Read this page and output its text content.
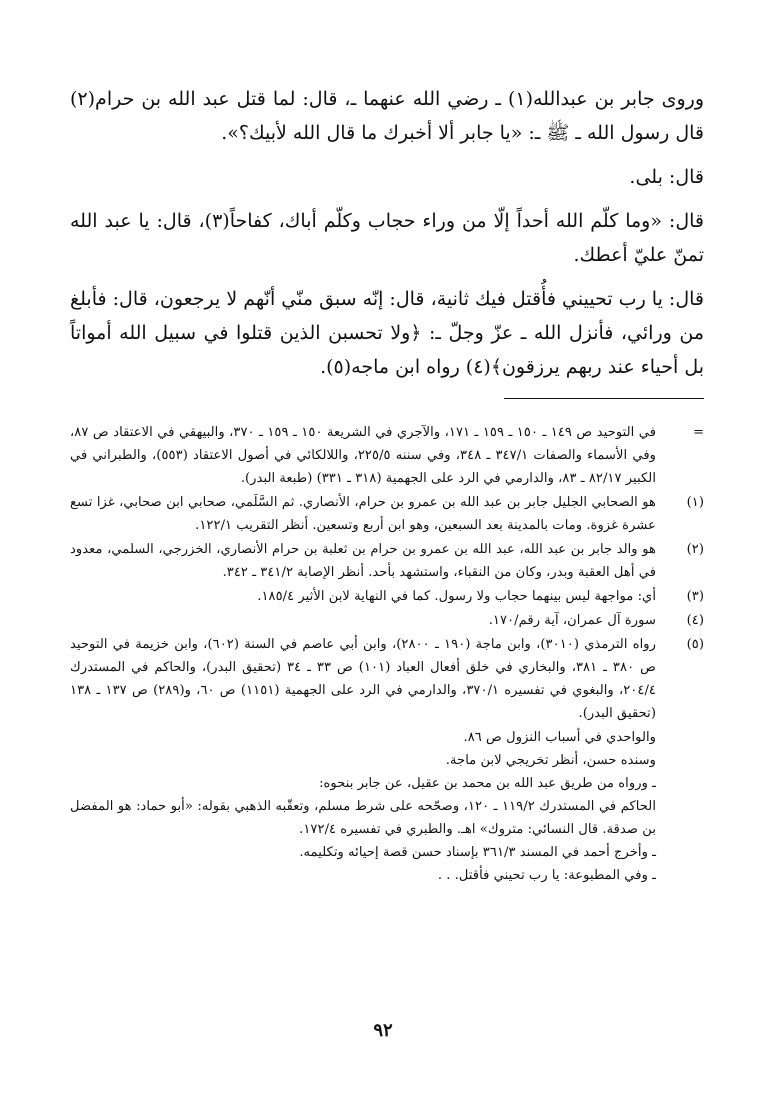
وروى جابر بن عبدالله(١) ـ رضي الله عنهما ـ، قال: لما قتل عبد الله بن حرام(٢) قال رسول الله ـ ﷺ ـ: «يا جابر ألا أخبرك ما قال الله لأبيك؟».

قال: بلى.

قال: «وما كلّم الله أحداً إلّا من وراء حجاب وكلّم أباك، كفاحاً(٣)، قال: يا عبد الله تمنّ عليّ أعطك.

قال: يا رب تحييني فأُقتل فيك ثانية، قال: إنّه سبق منّي أنّهم لا يرجعون، قال: فأبلغ من ورائي، فأنزل الله ـ عزّ وجلّ ـ: ﴿ولا تحسبن الذين قتلوا في سبيل الله أمواتاً بل أحياء عند ربهم يرزقون﴾(٤) رواه ابن ماجه(٥).

=
في التوحيد ص ١٤٩ ـ ١٥٠ ـ ١٥٩ ـ ١٧١، والآجري في الشريعة ١٥٠ ـ ١٥٩ ـ ٣٧٠، والبيهقي في الاعتقاد ص ٨٧، وفي الأسماء والصفات ٣٤٧/١ ـ ٣٤٨، وفي سننه ٢٢٥/٥، واللالكائي في أصول الاعتقاد (٥٥٣)، والطبراني في الكبير ٨٢/١٧ ـ ٨٣، والدارمي في الرد على الجهمية (٣١٨ ـ ٣٣١) (طبعة البدر).
(١)
هو الصحابي الجليل جابر بن عبد الله بن عمرو بن حرام، الأنصاري. ثم السَّلَمي، صحابي ابن صحابي، غزا تسع عشرة غزوة. ومات بالمدينة بعد السبعين، وهو ابن أربع وتسعين. أنظر التقريب ١٢٢/١.
(٢)
هو والد جابر بن عبد الله، عبد الله بن عمرو بن حرام بن ثعلبة بن حرام الأنصاري، الخزرجي، السلمي، معدود في أهل العقبة وبدر، وكان من النقباء، واستشهد بأحد. أنظر الإصابة ٣٤١/٢ ـ ٣٤٢.
(٣)
أي: مواجهة ليس بينهما حجاب ولا رسول. كما في النهاية لابن الأثير ١٨٥/٤.
(٤)
سورة آل عمران، آية رقم/١٧٠.
(٥)
رواه الترمذي (٣٠١٠)، وابن ماجة (١٩٠ ـ ٢٨٠٠)، وابن أبي عاصم في السنة (٦٠٢)، وابن خزيمة في التوحيد ص ٣٨٠ ـ ٣٨١، والبخاري في خلق أفعال العباد (١٠١) ص ٣٣ ـ ٣٤ (تحقيق البدر)، والحاكم في المستدرك ٢٠٤/٤، والبغوي في تفسيره ٣٧٠/١، والدارمي في الرد على الجهمية (١١٥١) ص ٦٠، و(٢٨٩) ص ١٣٧ ـ ١٣٨ (تحقيق البدر).
والواحدي في أسباب النزول ص ٨٦.
وسنده حسن، أنظر تخريجي لابن ماجة.
ـ ورواه من طريق عبد الله بن محمد بن عقيل، عن جابر بنحوه:
الحاكم في المستدرك ١١٩/٢ ـ ١٢٠، وصحّحه على شرط مسلم، وتعقّبه الذهبي بقوله: «أبو حماد: هو المفضل بن صدقة. قال النسائي: متروك» اهـ. والطبري في تفسيره ١٧٢/٤.
ـ وأخرج أحمد في المسند ٣٦١/٣ بإسناد حسن قصة إحيائه وتكليمه.
ـ وفي المطبوعة: يا رب تحيني فأقتل. . .
٩٢
